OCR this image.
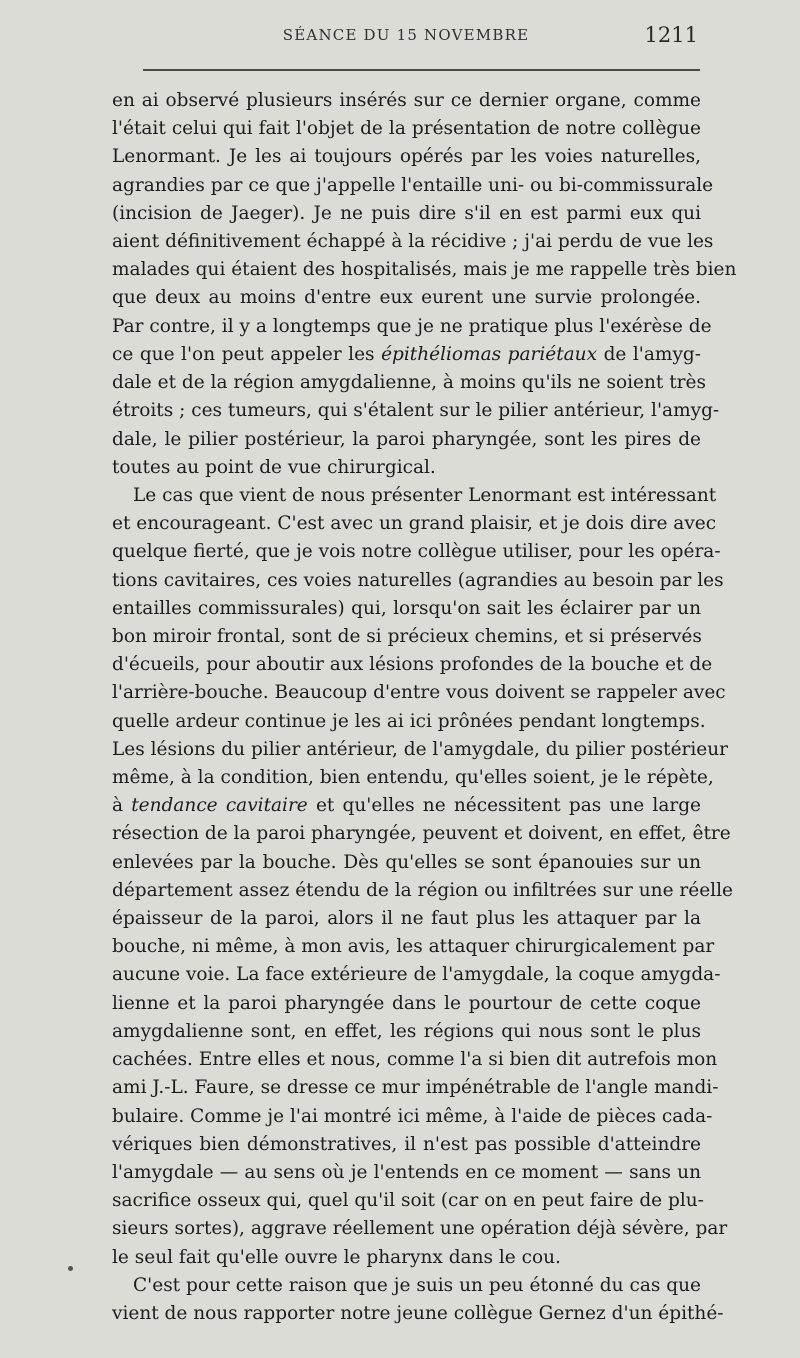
SÉANCE DU 15 NOVEMBRE	1211
en ai observé plusieurs insérés sur ce dernier organe, comme
l'était celui qui fait l'objet de la présentation de notre collègue
Lenormant. Je les ai toujours opérés par les voies naturelles,
agrandies par ce que j'appelle l'entaille uni- ou bi-commissurale
(incision de Jaeger). Je ne puis dire s'il en est parmi eux qui
aient définitivement échappé à la récidive ; j'ai perdu de vue les
malades qui étaient des hospitalisés, mais je me rappelle très bien
que deux au moins d'entre eux eurent une survie prolongée.
Par contre, il y a longtemps que je ne pratique plus l'exérèse de
ce que l'on peut appeler les épithéliomas pariétaux de l'amyg-
dale et de la région amygdalienne, à moins qu'ils ne soient très
étroits ; ces tumeurs, qui s'étalent sur le pilier antérieur, l'amyg-
dale, le pilier postérieur, la paroi pharyngée, sont les pires de
toutes au point de vue chirurgical.
Le cas que vient de nous présenter Lenormant est intéressant
et encourageant. C'est avec un grand plaisir, et je dois dire avec
quelque fierté, que je vois notre collègue utiliser, pour les opéra-
tions cavitaires, ces voies naturelles (agrandies au besoin par les
entailles commissurales) qui, lorsqu'on sait les éclairer par un
bon miroir frontal, sont de si précieux chemins, et si préservés
d'écueils, pour aboutir aux lésions profondes de la bouche et de
l'arrière-bouche. Beaucoup d'entre vous doivent se rappeler avec
quelle ardeur continue je les ai ici prônées pendant longtemps.
Les lésions du pilier antérieur, de l'amygdale, du pilier postérieur
même, à la condition, bien entendu, qu'elles soient, je le répète,
à tendance cavitaire et qu'elles ne nécessitent pas une large
résection de la paroi pharyngée, peuvent et doivent, en effet, être
enlevées par la bouche. Dès qu'elles se sont épanouies sur un
département assez étendu de la région ou infiltrées sur une réelle
épaisseur de la paroi, alors il ne faut plus les attaquer par la
bouche, ni même, à mon avis, les attaquer chirurgicalement par
aucune voie. La face extérieure de l'amygdale, la coque amygda-
lienne et la paroi pharyngée dans le pourtour de cette coque
amygdalienne sont, en effet, les régions qui nous sont le plus
cachées. Entre elles et nous, comme l'a si bien dit autrefois mon
ami J.-L. Faure, se dresse ce mur impénétrable de l'angle mandi-
bulaire. Comme je l'ai montré ici même, à l'aide de pièces cada-
vériques bien démonstratives, il n'est pas possible d'atteindre
l'amygdale — au sens où je l'entends en ce moment — sans un
sacrifice osseux qui, quel qu'il soit (car on en peut faire de plu-
sieurs sortes), aggrave réellement une opération déjà sévère, par
le seul fait qu'elle ouvre le pharynx dans le cou.
C'est pour cette raison que je suis un peu étonné du cas que
vient de nous rapporter notre jeune collègue Gernez d'un épithé-
